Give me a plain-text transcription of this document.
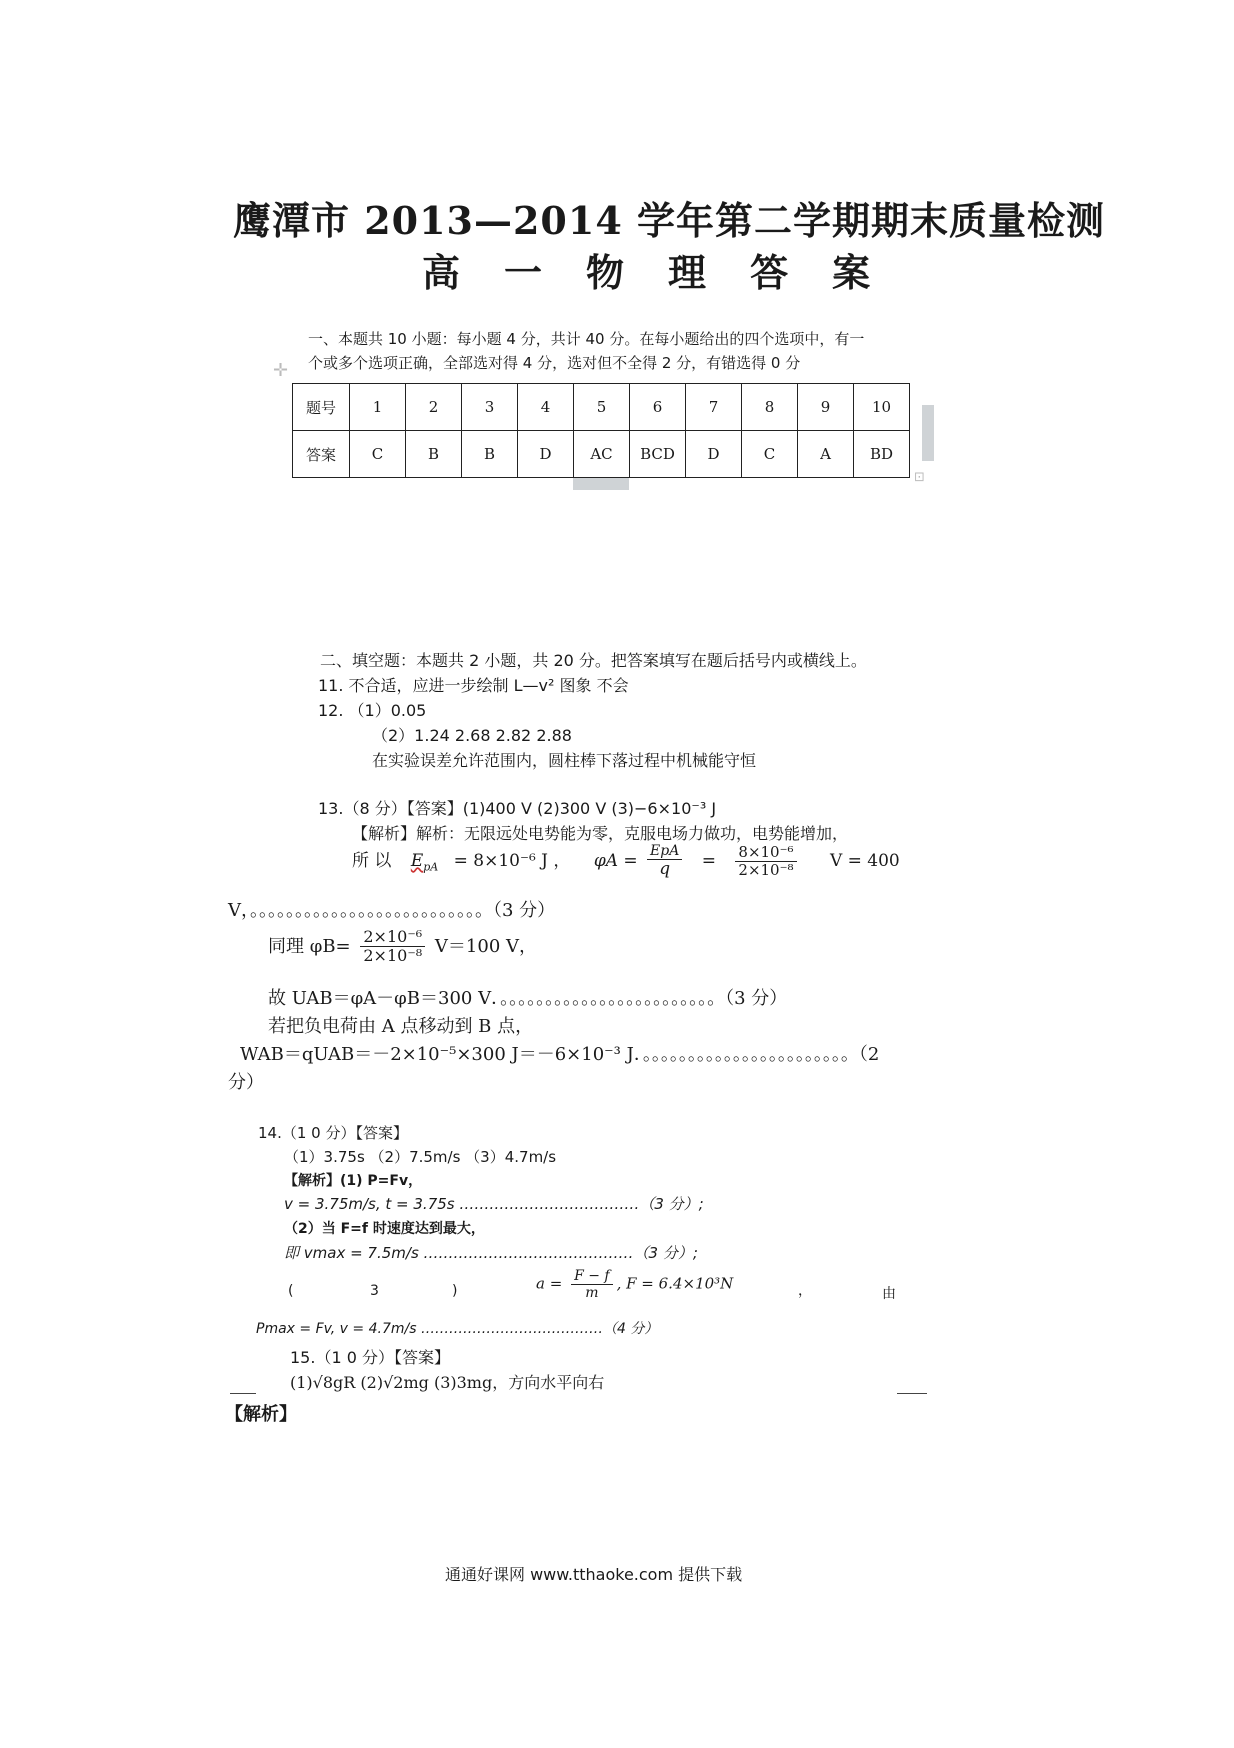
鹰潭市 2013—2014 学年第二学期期末质量检测
高 一 物 理 答 案
一、本题共 10 小题：每小题 4 分，共计 40 分。在每小题给出的四个选项中，有一
个或多个选项正确，全部选对得 4 分，选对但不全得 2 分，有错选得 0 分
✛
题号	1	2	3	4	5	6	7	8	9	10
答案	C	B	B	D	AC	BCD	D	C	A	BD
⊡
二、填空题：本题共 2 小题，共 20 分。把答案填写在题后括号内或横线上。
11. 不合适，应进一步绘制 L—v² 图象 不会
12. （1）0.05
（2）1.24 2.68 2.82 2.88
在实验误差允许范围内，圆柱棒下落过程中机械能守恒
13.（8 分）【答案】(1)400 V (2)300 V (3)−6×10⁻³ J
【解析】解析：无限远处电势能为零，克服电场力做功，电势能增加，
所 以 $E_{pA} = 8\times 10^{-6}$ J ， $\varphi A = \frac{\text{EpA}}{q} = \frac{\text{8×10⁻⁶}}{\text{2×10⁻⁸}}$ V = 400
V，。。。。。。。。。。。。。。。。。。。。。。。。。。（3 分）
同理 $\varphi B= \frac{\text{2×10⁻⁶}}{\text{2×10⁻⁸}} V=100$ V，
故 UAB＝φA－φB＝300 V．。。。。。。。。。。。。。。。。。。。。。。。。（3 分）
若把负电荷由 A 点移动到 B 点，
WAB＝qUAB＝－2×10⁻⁵×300 J＝－6×10⁻³ J．。。。。。。。。。。。。。。。。。。。。。。。（2
分）
14.（1 0 分）【答案】
（1）3.75s （2）7.5m/s （3）4.7m/s
【解析】(1) P=Fv，
v = 3.75m/s, t = 3.75s ………………………………（3 分）;
（2）当 F=f 时速度达到最大，
即 vmax = 7.5m/s ……………………………………（3 分）;
(	3	)	$a = \frac{F - f}{m}$ , F = 6.4×10³N	，	由
Pmax = Fv, v = 4.7m/s …………………………………（4 分）
15.（1 0 分）【答案】
(1)√8gR (2)√2mg (3)3mg，方向水平向右
【解析】
通通好课网 www.tthaoke.com 提供下载
